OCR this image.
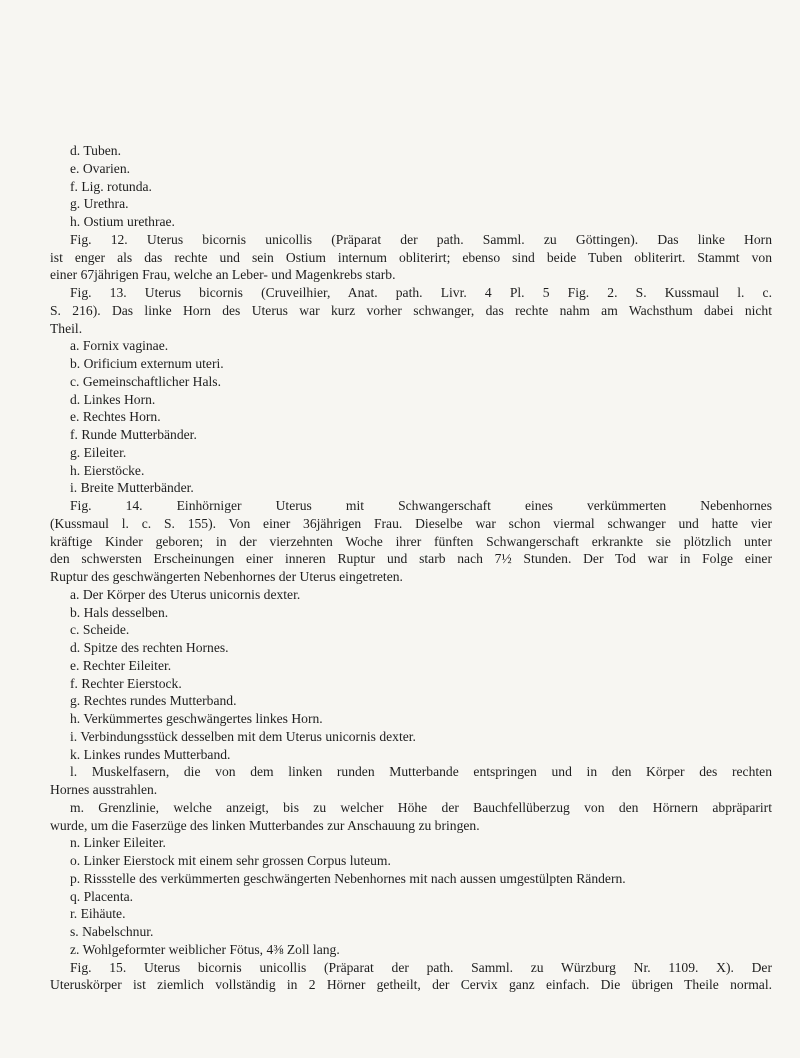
d. Tuben.
e. Ovarien.
f. Lig. rotunda.
g. Urethra.
h. Ostium urethrae.
Fig. 12. Uterus bicornis unicollis (Präparat der path. Samml. zu Göttingen). Das linke Horn
ist enger als das rechte und sein Ostium internum obliterirt; ebenso sind beide Tuben obliterirt. Stammt von
einer 67jährigen Frau, welche an Leber- und Magenkrebs starb.
Fig. 13. Uterus bicornis (Cruveilhier, Anat. path. Livr. 4 Pl. 5 Fig. 2. S. Kussmaul l. c.
S. 216). Das linke Horn des Uterus war kurz vorher schwanger, das rechte nahm am Wachsthum dabei nicht
Theil.
a. Fornix vaginae.
b. Orificium externum uteri.
c. Gemeinschaftlicher Hals.
d. Linkes Horn.
e. Rechtes Horn.
f. Runde Mutterbänder.
g. Eileiter.
h. Eierstöcke.
i. Breite Mutterbänder.
Fig. 14. Einhörniger Uterus mit Schwangerschaft eines verkümmerten Nebenhornes
(Kussmaul l. c. S. 155). Von einer 36jährigen Frau. Dieselbe war schon viermal schwanger und hatte vier
kräftige Kinder geboren; in der vierzehnten Woche ihrer fünften Schwangerschaft erkrankte sie plötzlich unter
den schwersten Erscheinungen einer inneren Ruptur und starb nach 7½ Stunden. Der Tod war in Folge einer
Ruptur des geschwängerten Nebenhornes der Uterus eingetreten.
a. Der Körper des Uterus unicornis dexter.
b. Hals desselben.
c. Scheide.
d. Spitze des rechten Hornes.
e. Rechter Eileiter.
f. Rechter Eierstock.
g. Rechtes rundes Mutterband.
h. Verkümmertes geschwängertes linkes Horn.
i. Verbindungsstück desselben mit dem Uterus unicornis dexter.
k. Linkes rundes Mutterband.
l. Muskelfasern, die von dem linken runden Mutterbande entspringen und in den Körper des rechten
Hornes ausstrahlen.
m. Grenzlinie, welche anzeigt, bis zu welcher Höhe der Bauchfellüberzug von den Hörnern abpräparirt
wurde, um die Faserzüge des linken Mutterbandes zur Anschauung zu bringen.
n. Linker Eileiter.
o. Linker Eierstock mit einem sehr grossen Corpus luteum.
p. Rissstelle des verkümmerten geschwängerten Nebenhornes mit nach aussen umgestülpten Rändern.
q. Placenta.
r. Eihäute.
s. Nabelschnur.
z. Wohlgeformter weiblicher Fötus, 4⅜ Zoll lang.
Fig. 15. Uterus bicornis unicollis (Präparat der path. Samml. zu Würzburg Nr. 1109. X). Der
Uteruskörper ist ziemlich vollständig in 2 Hörner getheilt, der Cervix ganz einfach. Die übrigen Theile normal.
